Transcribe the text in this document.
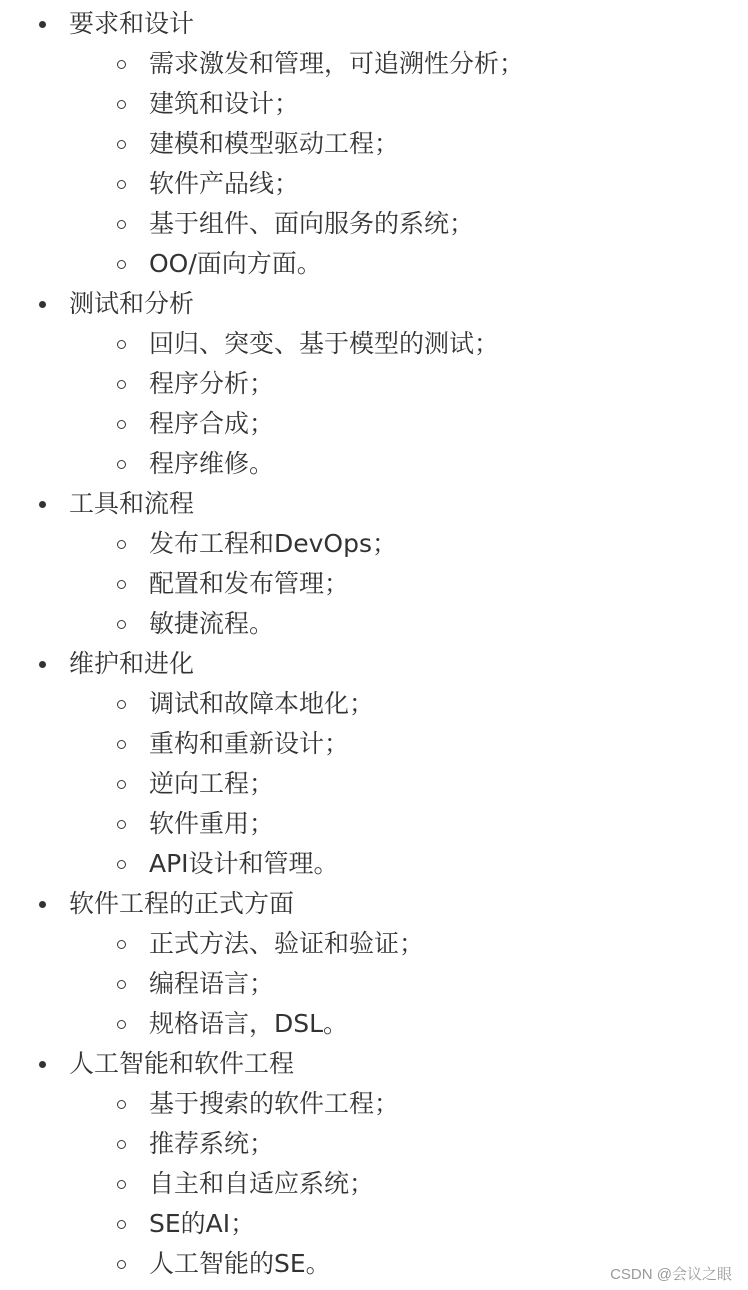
要求和设计
需求激发和管理，可追溯性分析；
建筑和设计；
建模和模型驱动工程；
软件产品线；
基于组件、面向服务的系统；
OO/面向方面。
测试和分析
回归、突变、基于模型的测试；
程序分析；
程序合成；
程序维修。
工具和流程
发布工程和DevOps；
配置和发布管理；
敏捷流程。
维护和进化
调试和故障本地化；
重构和重新设计；
逆向工程；
软件重用；
API设计和管理。
软件工程的正式方面
正式方法、验证和验证；
编程语言；
规格语言，DSL。
人工智能和软件工程
基于搜索的软件工程；
推荐系统；
自主和自适应系统；
SE的AI；
人工智能的SE。	CSDN @会议之眼
